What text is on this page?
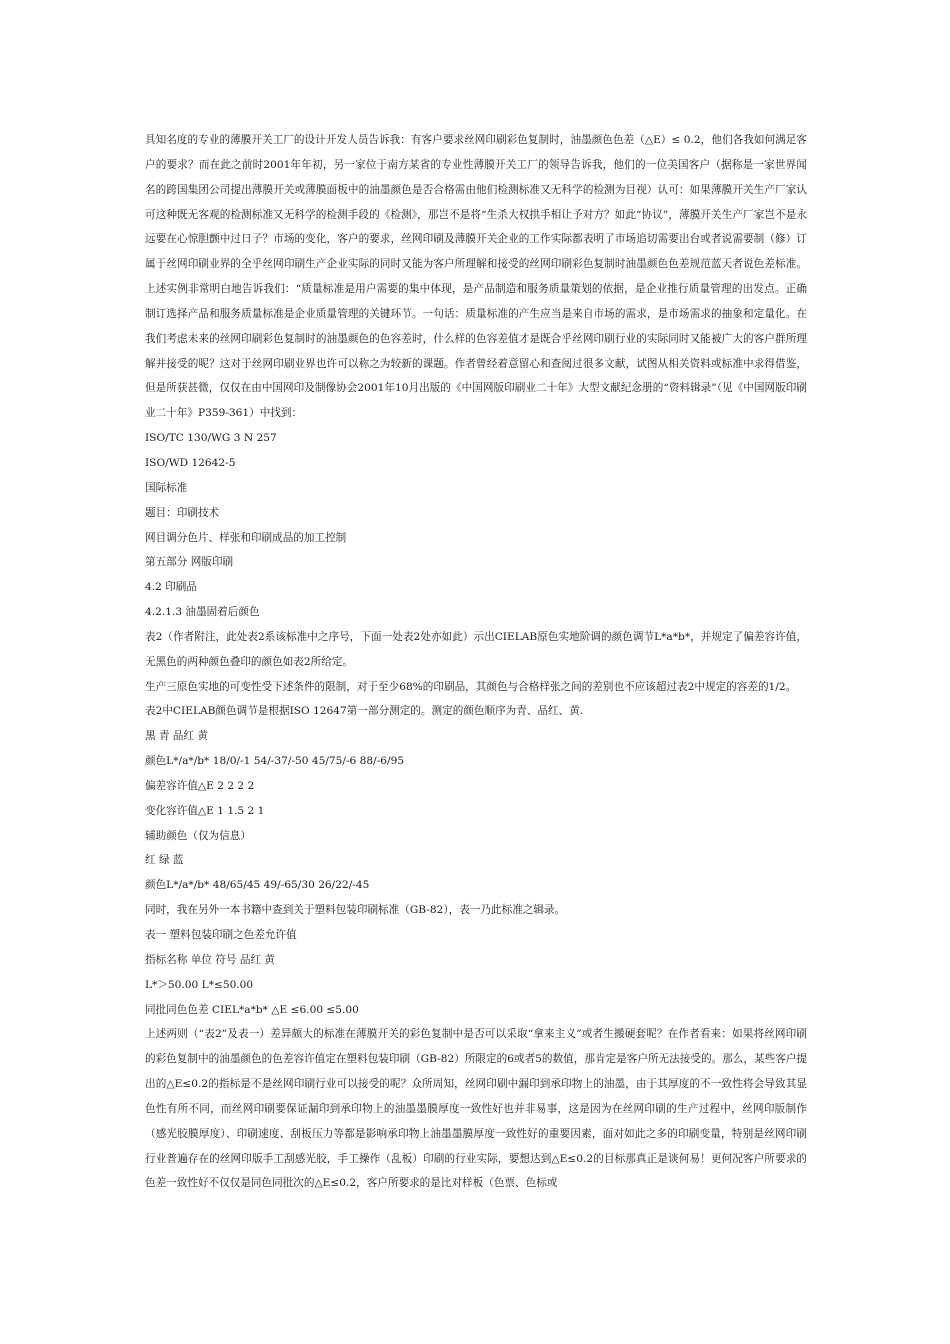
具知名度的专业的薄膜开关工厂的设计开发人员告诉我：有客户要求丝网印刷彩色复制时，油墨颜色色差（△E）≤ 0.2，他们各我如何满足客户的要求？而在此之前时2001年年初，另一家位于南方某省的专业性薄膜开关工厂的领导告诉我，他们的一位美国客户（据称是一家世界闻名的跨国集团公司提出薄膜开关或薄膜面板中的油墨颜色是否合格需由他们检测标准又无科学的检测为目视）认可：如果薄膜开关生产厂家认可这种既无客观的检测标准又无科学的检测手段的《检测》，那岂不是将“生杀大权拱手相让予对方？如此“协议”，薄膜开关生产厂家岂不是永远要在心惊胆颤中过日子？市场的变化，客户的要求，丝网印刷及薄膜开关企业的工作实际都表明了市场追切需要出台或者说需要制（修）订属于丝网印刷业界的全乎丝网印刷生产企业实际的同时又能为客户所理解和接受的丝网印刷彩色复制时油墨颜色色差规范蓝天者说色差标准。上述实例非常明白地告诉我们：“质量标准是用户需要的集中体现，是产品制造和服务质量策划的依据，是企业推行质量管理的出发点。正确制订选择产品和服务质量标准是企业质量管理的关键环节。一句话：质量标准的产生应当是来自市场的需求，是市场需求的抽象和定量化。在我们考虑未来的丝网印刷彩色复制时的油墨颜色的色容差时，什么样的色容差值才是既合乎丝网印刷行业的实际同时又能被广大的客户群所理解并接受的呢？这对于丝网印刷业界也许可以称之为较新的课题。作者曾经着意留心和查阅过很多文献，试图从相关资料或标准中求得借鉴，但是所获甚微，仅仅在由中国网印及制像协会2001年10月出版的《中国网版印刷业二十年》大型文献纪念册的“资料辑录”（见《中国网版印刷业二十年》P359-361）中找到：

ISO/TC 130/WG 3 N 257

ISO/WD 12642-5

国际标准

题目：印刷技术

网目调分色片、样张和印刷成品的加工控制

第五部分 网版印刷

4.2 印刷品

4.2.1.3 油墨固着后颜色

表2（作者附注，此处表2系该标准中之序号，下面一处表2处亦如此）示出CIELAB原色实地阶调的颜色调节L*a*b*，并规定了偏差容许值，无黑色的两种颜色叠印的颜色如表2所给定。

生产三原色实地的可变性受下述条件的限制，对于至少68%的印刷品，其颜色与合格样张之间的差别也不应该超过表2中规定的容差的1/2。

表2中CIELAB颜色调节是根据ISO 12647第一部分测定的。测定的颜色顺序为青、品红、黄.

黑 青 品红 黄

颜色L*/a*/b* 18/0/-1 54/-37/-50 45/75/-6 88/-6/95

偏差容许值△E 2 2 2 2

变化容许值△E 1 1.5 2 1

辅助颜色（仅为信息）

红 绿 蓝

颜色L*/a*/b* 48/65/45 49/-65/30 26/22/-45

同时，我在另外一本书籍中查到关于塑料包装印刷标准（GB-82），表一乃此标准之辑录。

表一 塑料包装印刷之色差允许值

指标名称 单位 符号 品红 黄

L*＞50.00 L*≤50.00

同批同色色差 CIEL*a*b* △E ≤6.00 ≤5.00

上述两则（“表2”及表一）差异颇大的标准在薄膜开关的彩色复制中是否可以采取“拿来主义”或者生搬硬套呢？在作者看来：如果将丝网印刷的彩色复制中的油墨颜色的色差容许值定在塑料包装印刷（GB-82）所限定的6或者5的数值，那肯定是客户所无法接受的。那么，某些客户提出的△E≤0.2的指标是不是丝网印刷行业可以接受的呢？众所周知，丝网印刷中漏印到承印物上的油墨，由于其厚度的不一致性将会导致其显色性有所不同，而丝网印刷要保证漏印到承印物上的油墨墨膜厚度一致性好也并非易事，这是因为在丝网印刷的生产过程中，丝网印版制作（感光胶膜厚度）、印刷速度、刮板压力等都是影响承印物上油墨墨膜厚度一致性好的重要因素，面对如此之多的印刷变量，特别是丝网印刷行业普遍存在的丝网印版手工刮感光胶，手工操作（乱板）印刷的行业实际，要想达到△E≤0.2的目标那真正是谈何易！更何况客户所要求的色差一致性好不仅仅是同色同批次的△E≤0.2，客户所要求的是比对样板（色票、色标或
